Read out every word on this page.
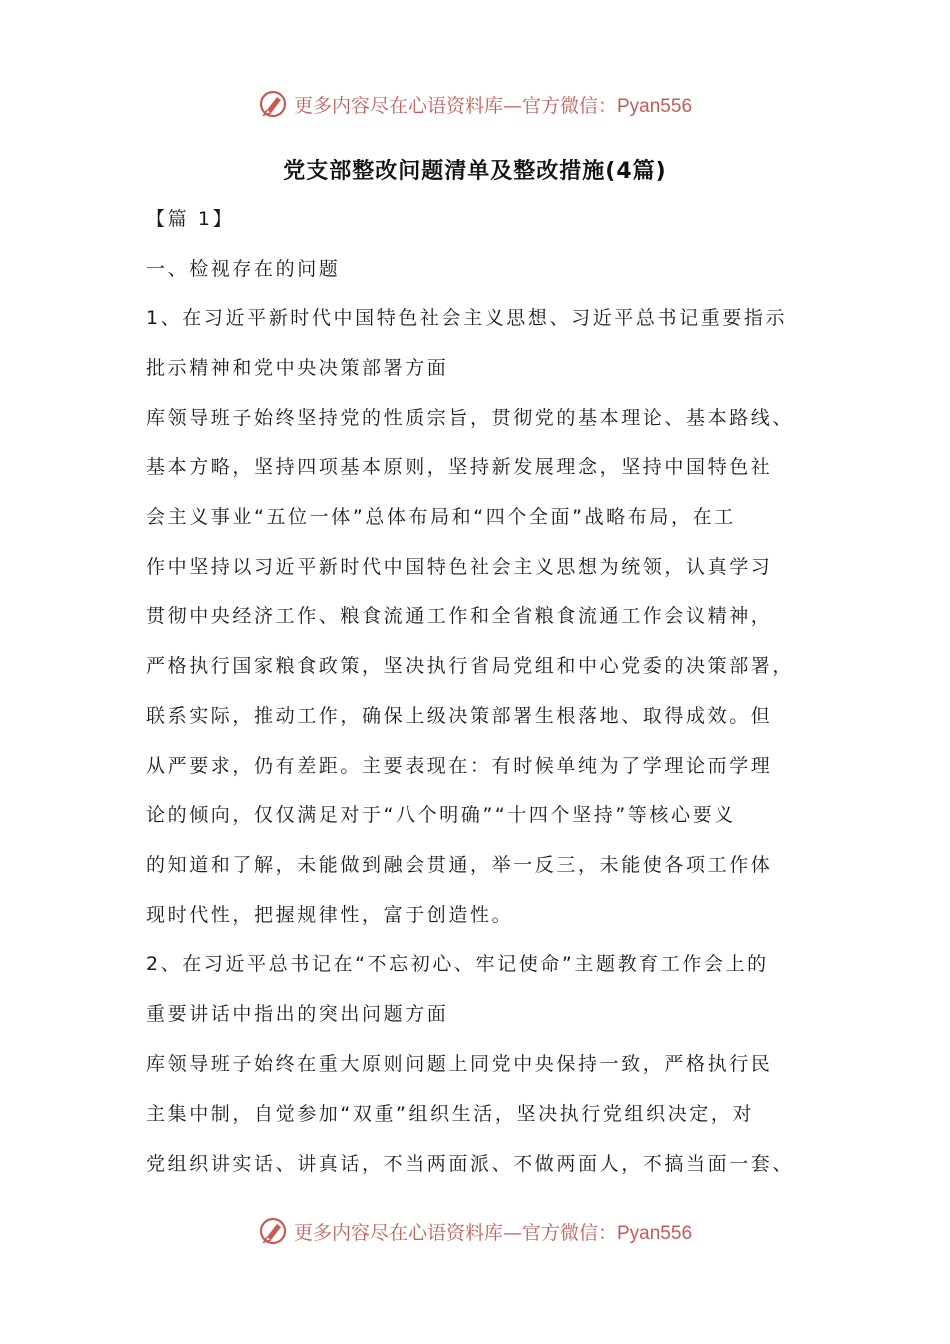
更多内容尽在心语资料库—官方微信：Pyan556
党支部整改问题清单及整改措施(4篇)
【篇 1】
一、检视存在的问题
1、在习近平新时代中国特色社会主义思想、习近平总书记重要指示
批示精神和党中央决策部署方面
库领导班子始终坚持党的性质宗旨，贯彻党的基本理论、基本路线、
基本方略，坚持四项基本原则，坚持新发展理念，坚持中国特色社
会主义事业“五位一体”总体布局和“四个全面”战略布局，在工
作中坚持以习近平新时代中国特色社会主义思想为统领，认真学习
贯彻中央经济工作、粮食流通工作和全省粮食流通工作会议精神，
严格执行国家粮食政策，坚决执行省局党组和中心党委的决策部署，
联系实际，推动工作，确保上级决策部署生根落地、取得成效。但
从严要求，仍有差距。主要表现在：有时候单纯为了学理论而学理
论的倾向，仅仅满足对于“八个明确”“十四个坚持”等核心要义
的知道和了解，未能做到融会贯通，举一反三，未能使各项工作体
现时代性，把握规律性，富于创造性。
2、在习近平总书记在“不忘初心、牢记使命”主题教育工作会上的
重要讲话中指出的突出问题方面
库领导班子始终在重大原则问题上同党中央保持一致，严格执行民
主集中制，自觉参加“双重”组织生活，坚决执行党组织决定，对
党组织讲实话、讲真话，不当两面派、不做两面人，不搞当面一套、
更多内容尽在心语资料库—官方微信：Pyan556
